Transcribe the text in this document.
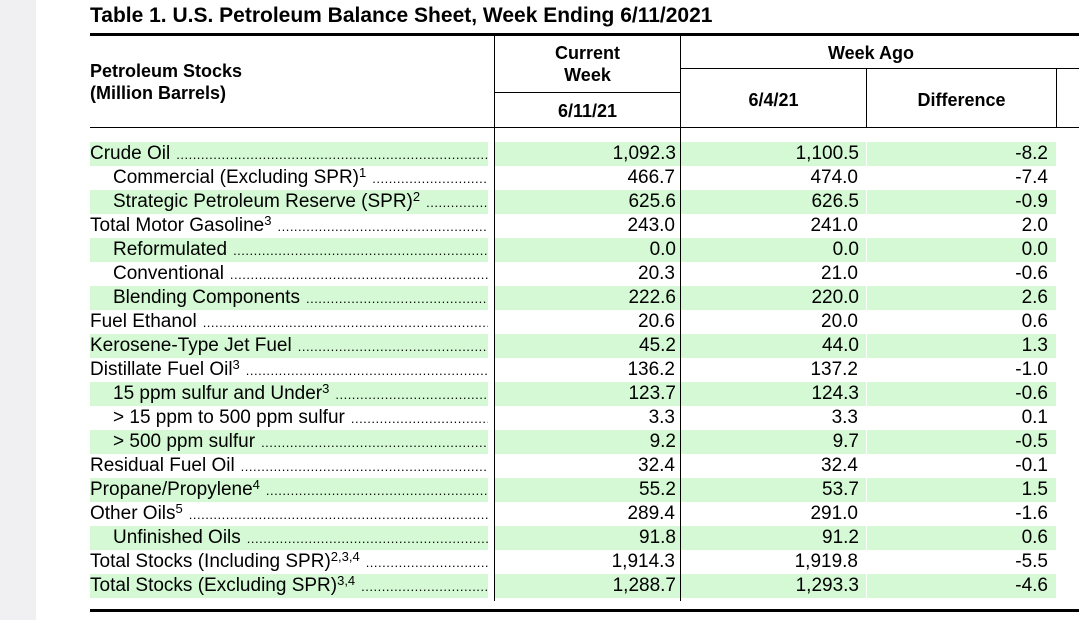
Table 1. U.S. Petroleum Balance Sheet, Week Ending 6/11/2021
Petroleum Stocks
(Million Barrels)
Current
Week
6/11/21
Week Ago
6/4/21	Difference
Crude Oil .....	1,092.3	1,100.5	-8.2
Commercial (Excluding SPR)$^1$ .....	466.7	474.0	-7.4
Strategic Petroleum Reserve (SPR)$^2$ .....	625.6	626.5	-0.9
Total Motor Gasoline$^3$ .....	243.0	241.0	2.0
Reformulated .....	0.0	0.0	0.0
Conventional .....	20.3	21.0	-0.6
Blending Components .....	222.6	220.0	2.6
Fuel Ethanol .....	20.6	20.0	0.6
Kerosene-Type Jet Fuel .....	45.2	44.0	1.3
Distillate Fuel Oil$^3$ .....	136.2	137.2	-1.0
15 ppm sulfur and Under$^3$ .....	123.7	124.3	-0.6
> 15 ppm to 500 ppm sulfur .....	3.3	3.3	0.1
> 500 ppm sulfur .....	9.2	9.7	-0.5
Residual Fuel Oil .....	32.4	32.4	-0.1
Propane/Propylene$^4$ .....	55.2	53.7	1.5
Other Oils$^5$ .....	289.4	291.0	-1.6
Unfinished Oils .....	91.8	91.2	0.6
Total Stocks (Including SPR)$^{2,3,4}$ .....	1,914.3	1,919.8	-5.5
Total Stocks (Excluding SPR)$^{3,4}$ .....	1,288.7	1,293.3	-4.6
